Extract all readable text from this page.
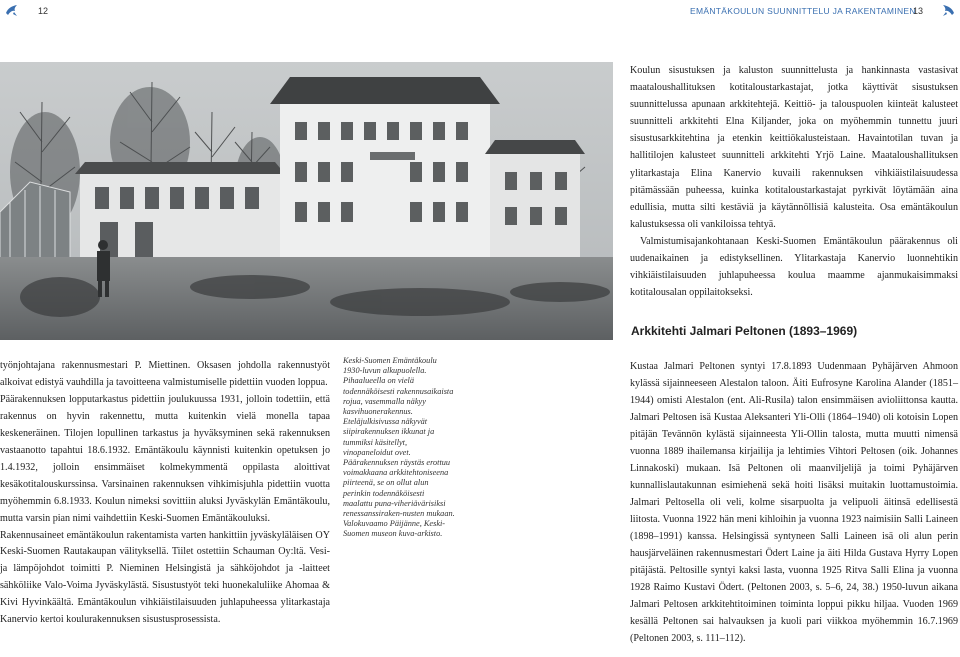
12	EMÄNTÄKOULUN SUUNNITTELU JA RAKENTAMINEN
13

Koulun sisustuksen ja kaluston suunnittelusta ja hankinnasta vastasivat maataloushallituksen kotitaloustarkastajat, jotka käyttivät sisustuksen suunnittelussa apunaan arkkitehtejä. Keittiö- ja talouspuolen kiinteät kalusteet suunnitteli arkkitehti Elna Kiljander, joka on myöhemmin tunnettu juuri sisustusarkkitehtina ja etenkin keittiökalusteistaan. Havaintotilan tuvan ja hallitilojen kalusteet suunnitteli arkkitehti Yrjö Laine. Maataloushallituksen ylitarkastaja Elina Kanervio kuvaili rakennuksen vihkiäistilaisuudessa pitämässään puheessa, kuinka kotitaloustarkastajat pyrkivät löytämään aina edullisia, mutta silti kestäviä ja käytännöllisiä kalusteita. Osa emäntäkoulun kalustuksessa oli vankiloissa tehtyä.

Valmistumisajankohtanaan Keski-Suomen Emäntäkoulun päärakennus oli uudenaikainen ja edistyksellinen. Ylitarkastaja Kanervio luonnehtikin vihkiäistilaisuuden juhlapuheessa koulua maamme ajanmukaisimmaksi kotitalousalan oppilaitokseksi.

Arkkitehti Jalmari Peltonen (1893–1969)

työnjohtajana rakennusmestari P. Miettinen. Oksasen johdolla rakennustyöt alkoivat edistyä vauhdilla ja tavoitteena valmistumiselle pidettiin vuoden loppua.

Päärakennuksen lopputarkastus pidettiin joulukuussa 1931, jolloin todettiin, että rakennus on hyvin rakennettu, mutta kuitenkin vielä monella tapaa keskeneräinen. Tilojen lopullinen tarkastus ja hyväksyminen sekä rakennuksen vastaanotto tapahtui 18.6.1932. Emäntäkoulu käynnisti kuitenkin opetuksen jo 1.4.1932, jolloin ensimmäiset kolmekymmentä oppilasta aloittivat kesäkotitalouskurssinsa. Varsinainen rakennuksen vihkimisjuhla pidettiin vuotta myöhemmin 6.8.1933. Koulun nimeksi sovittiin aluksi Jyväskylän Emäntäkoulu, mutta varsin pian nimi vaihdettiin Keski-Suomen Emäntäkouluksi.

Rakennusaineet emäntäkoulun rakentamista varten hankittiin jyväskyläläisen OY Keski-Suomen Rautakaupan välityksellä. Tiilet ostettiin Schauman Oy:ltä. Vesi- ja lämpöjohdot toimitti P. Nieminen Helsingistä ja sähköjohdot ja -laitteet sähköliike Valo-Voima Jyväskylästä. Sisustustyöt teki huonekaluliike Ahomaa & Kivi Hyvinkäältä. Emäntäkoulun vihkiäistilaisuuden juhlapuheessa ylitarkastaja Kanervio kertoi koulurakennuksen sisustusprosessista.

Keski-Suomen Emäntäkoulu 1930-luvun alkupuolella. Pihaalueella on vielä todennäköisesti rakennusaikaista rojua, vasemmalla näkyy kasvihuonerakennus. Eteläjulkisivussa näkyvät siipirakennuksen ikkunat ja tummiksi käsitellyt, vinopaneloidut ovet. Päärakennuksen räystäs erottuu voimakkaana arkkitehtoniseena piirteenä, se on ollut alun perinkin todennäköisesti maalattu puna-viheriävärisiksi renessanssiraken-nusten mukaan. Valokuvaamo Päijänne, Keski-Suomen museon kuva-arkisto.

Kustaa Jalmari Peltonen syntyi 17.8.1893 Uudenmaan Pyhäjärven Ahmoon kylässä sijainneeseen Alestalon taloon. Äiti Eufrosyne Karolina Alander (1851–1944) omisti Alestalon (ent. Ali-Rusila) talon ensimmäisen avioliittonsa kautta. Jalmari Peltosen isä Kustaa Aleksanteri Yli-Olli (1864–1940) oli kotoisin Lopen pitäjän Tevännön kylästä sijainneesta Yli-Ollin talosta, mutta muutti nimensä vuonna 1889 ihailemansa kirjailija ja lehtimies Vihtori Peltosen (oik. Johannes Linnakoski) mukaan. Isä Peltonen oli maanviljelijä ja toimi Pyhäjärven kunnallislautakunnan esimiehenä sekä hoiti lisäksi muitakin luottamustoimia. Jalmari Peltosella oli veli, kolme sisarpuolta ja velipuoli äitinsä edellisestä liitosta. Vuonna 1922 hän meni kihloihin ja vuonna 1923 naimisiin Salli Laineen (1898–1991) kanssa. Helsingissä syntyneen Salli Laineen isä oli alun perin hausjärveläinen rakennusmestari Ödert Laine ja äiti Hilda Gustava Hyrry Lopen pitäjästä. Peltosille syntyi kaksi lasta, vuonna 1925 Ritva Salli Elina ja vuonna 1928 Raimo Kustavi Ödert. (Peltonen 2003, s. 5–6, 24, 38.) 1950-luvun aikana Jalmari Peltosen arkkitehtitoiminen toiminta loppui pikku hiljaa. Vuoden 1969 kesällä Peltonen sai halvauksen ja kuoli pari viikkoa myöhemmin 16.7.1969 (Peltonen 2003, s. 111–112).
